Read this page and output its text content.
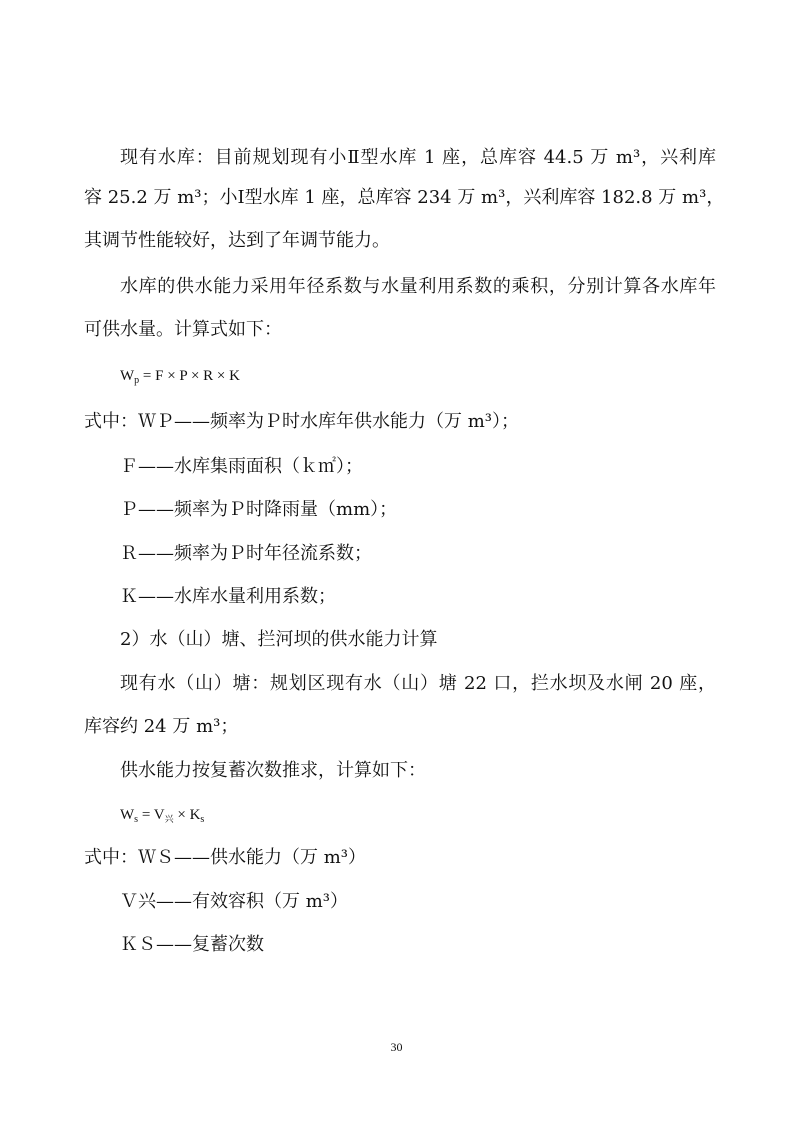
现有水库：目前规划现有小Ⅱ型水库 1 座，总库容 44.5 万 m³，兴利库
容 25.2 万 m³；小Ⅰ型水库 1 座，总库容 234 万 m³，兴利库容 182.8 万 m³，
其调节性能较好，达到了年调节能力。
水库的供水能力采用年径系数与水量利用系数的乘积，分别计算各水库年
可供水量。计算式如下：
$W_p = F \times P \times R \times K$
式中：ＷＰ——频率为Ｐ时水库年供水能力（万 m³）；
Ｆ——水库集雨面积（ｋ㎡）；
Ｐ——频率为Ｐ时降雨量（mm）；
Ｒ——频率为Ｐ时年径流系数；
Ｋ——水库水量利用系数；
2）水（山）塘、拦河坝的供水能力计算
现有水（山）塘：规划区现有水（山）塘 22 口，拦水坝及水闸 20 座，
库容约 24 万 m³；
供水能力按复蓄次数推求，计算如下：
$W_s = V_兴 \times K_s$
式中：ＷＳ——供水能力（万 m³）
Ｖ兴——有效容积（万 m³）
ＫＳ——复蓄次数
30
